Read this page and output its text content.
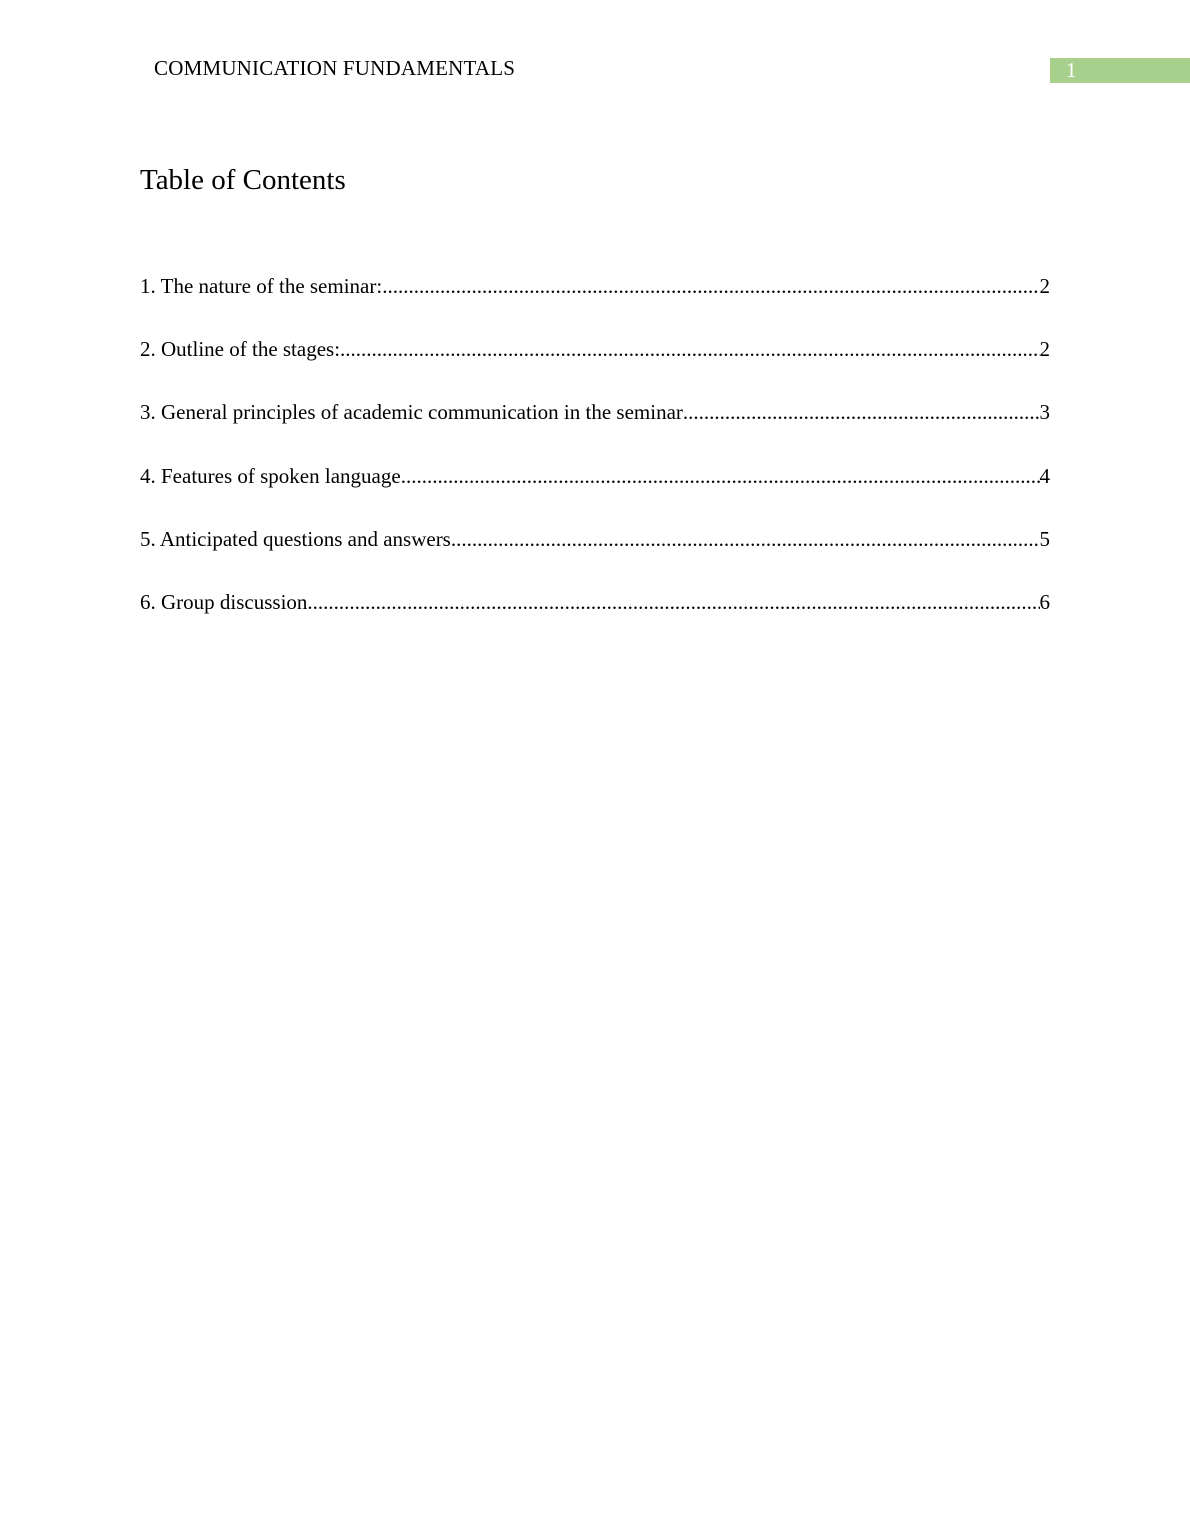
COMMUNICATION FUNDAMENTALS	1
Table of Contents
1. The nature of the seminar: .....	2
2. Outline of the stages: .....	2
3. General principles of academic communication in the seminar .....	3
4. Features of spoken language .....	4
5. Anticipated questions and answers .....	5
6. Group discussion .....	6
